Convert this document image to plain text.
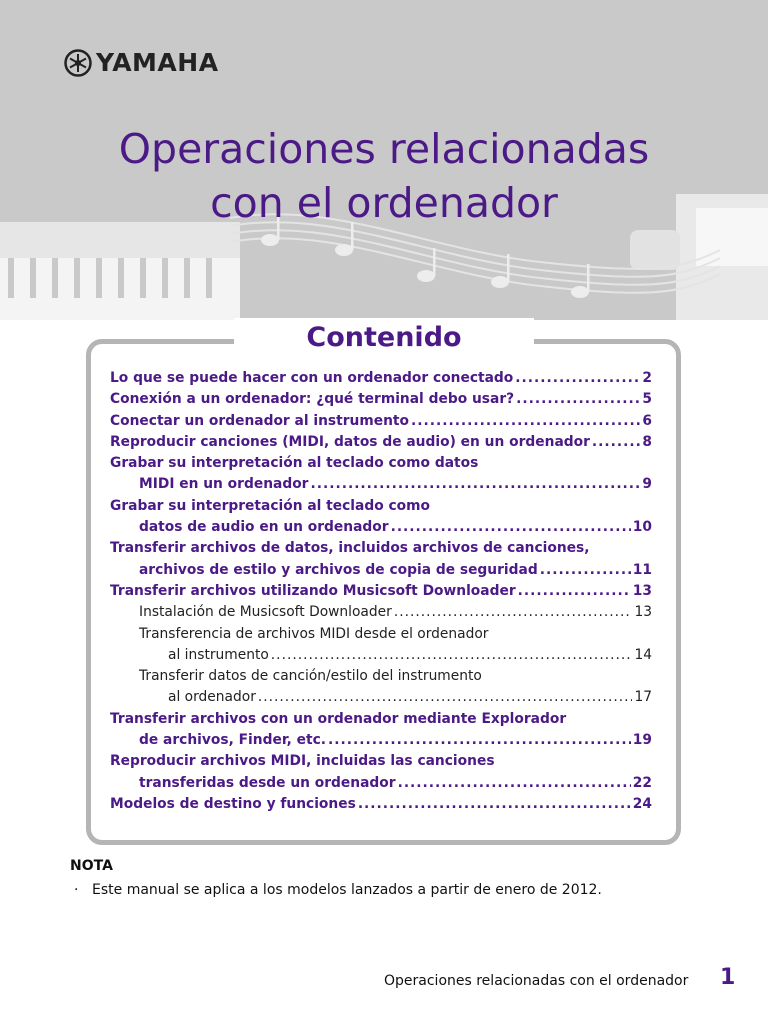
YAMAHA
Operaciones relacionadas
con el ordenador
Contenido
Lo que se puede hacer con un ordenador conectado .....	2
Conexión a un ordenador: ¿qué terminal debo usar? .....	5
Conectar un ordenador al instrumento .....	6
Reproducir canciones (MIDI, datos de audio) en un ordenador .....	8
Grabar su interpretación al teclado como datos
MIDI en un ordenador .....	9
Grabar su interpretación al teclado como
datos de audio en un ordenador .....	10
Transferir archivos de datos, incluidos archivos de canciones,
archivos de estilo y archivos de copia de seguridad .....	11
Transferir archivos utilizando Musicsoft Downloader .....	13
Instalación de Musicsoft Downloader .....	13
Transferencia de archivos MIDI desde el ordenador
al instrumento .....	14
Transferir datos de canción/estilo del instrumento
al ordenador .....	17
Transferir archivos con un ordenador mediante Explorador
de archivos, Finder, etc. .....	19
Reproducir archivos MIDI, incluidas las canciones
transferidas desde un ordenador .....	22
Modelos de destino y funciones .....	24
NOTA
· Este manual se aplica a los modelos lanzados a partir de enero de 2012.
Operaciones relacionadas con el ordenador 1
